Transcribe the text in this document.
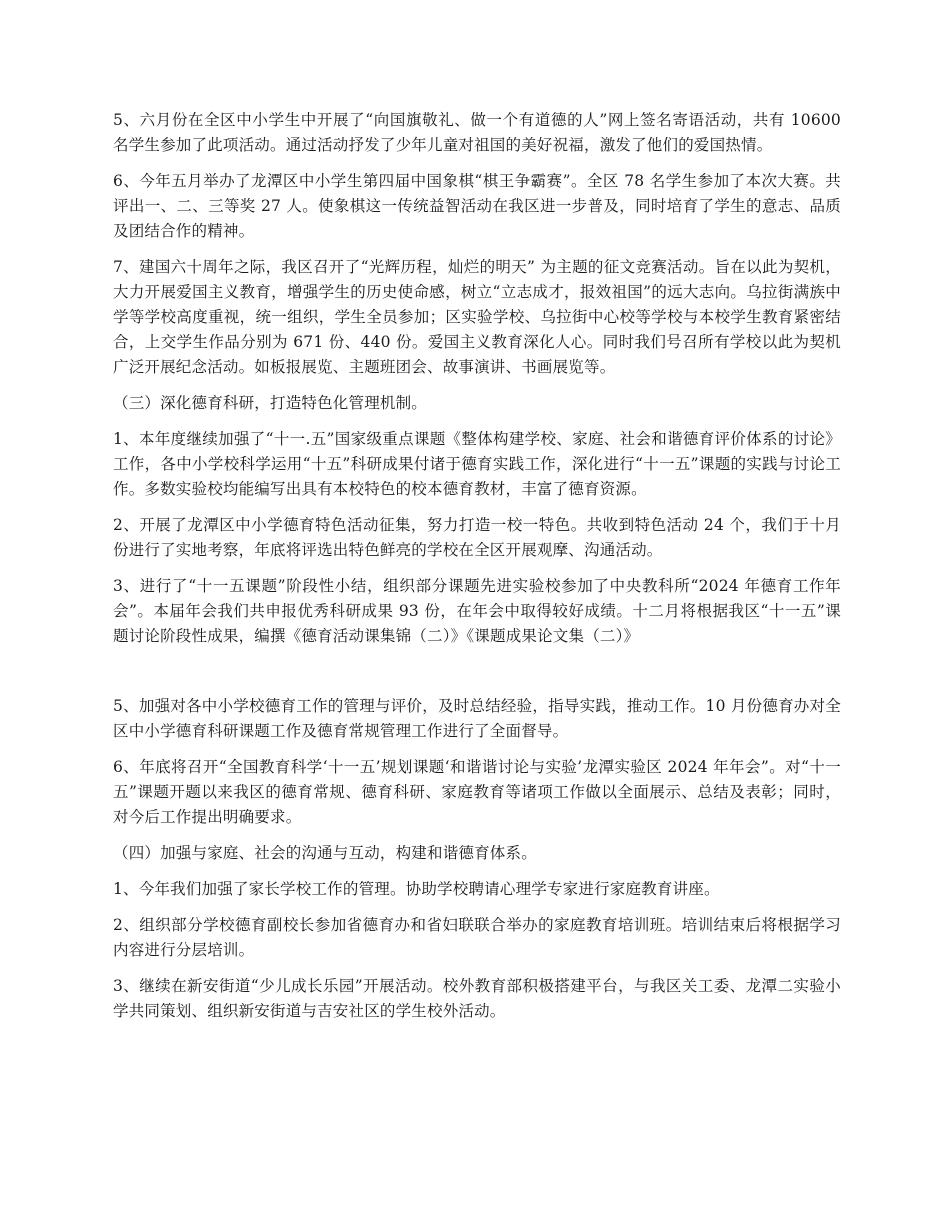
5、六月份在全区中小学生中开展了“向国旗敬礼、做一个有道德的人”网上签名寄语活动，共有 10600 名学生参加了此项活动。通过活动抒发了少年儿童对祖国的美好祝福，激发了他们的爱国热情。

6、今年五月举办了龙潭区中小学生第四届中国象棋“棋王争霸赛”。全区 78 名学生参加了本次大赛。共评出一、二、三等奖 27 人。使象棋这一传统益智活动在我区进一步普及，同时培育了学生的意志、品质及团结合作的精神。

7、建国六十周年之际，我区召开了“光辉历程，灿烂的明天” 为主题的征文竞赛活动。旨在以此为契机，大力开展爱国主义教育，增强学生的历史使命感，树立“立志成才，报效祖国”的远大志向。乌拉街满族中学等学校高度重视，统一组织，学生全员参加；区实验学校、乌拉街中心校等学校与本校学生教育紧密结合，上交学生作品分别为 671 份、440 份。爱国主义教育深化人心。同时我们号召所有学校以此为契机广泛开展纪念活动。如板报展览、主题班团会、故事演讲、书画展览等。

（三）深化德育科研，打造特色化管理机制。

1、本年度继续加强了“十一.五”国家级重点课题《整体构建学校、家庭、社会和谐德育评价体系的讨论》工作，各中小学校科学运用“十五”科研成果付诸于德育实践工作，深化进行“十一五”课题的实践与讨论工作。多数实验校均能编写出具有本校特色的校本德育教材，丰富了德育资源。

2、开展了龙潭区中小学德育特色活动征集，努力打造一校一特色。共收到特色活动 24 个，我们于十月份进行了实地考察，年底将评选出特色鲜亮的学校在全区开展观摩、沟通活动。

3、进行了“十一五课题”阶段性小结，组织部分课题先进实验校参加了中央教科所“2024 年德育工作年会”。本届年会我们共申报优秀科研成果 93 份，在年会中取得较好成绩。十二月将根据我区“十一五”课题讨论阶段性成果，编撰《德育活动课集锦（二）》《课题成果论文集（二）》

5、加强对各中小学校德育工作的管理与评价，及时总结经验，指导实践，推动工作。10 月份德育办对全区中小学德育科研课题工作及德育常规管理工作进行了全面督导。

6、年底将召开“全国教育科学‘十一五’规划课题‘和谐谐讨论与实验’龙潭实验区 2024 年年会”。对“十一五”课题开题以来我区的德育常规、德育科研、家庭教育等诸项工作做以全面展示、总结及表彰；同时，对今后工作提出明确要求。

（四）加强与家庭、社会的沟通与互动，构建和谐德育体系。

1、今年我们加强了家长学校工作的管理。协助学校聘请心理学专家进行家庭教育讲座。

2、组织部分学校德育副校长参加省德育办和省妇联联合举办的家庭教育培训班。培训结束后将根据学习内容进行分层培训。

3、继续在新安街道“少儿成长乐园”开展活动。校外教育部积极搭建平台，与我区关工委、龙潭二实验小学共同策划、组织新安街道与吉安社区的学生校外活动。
